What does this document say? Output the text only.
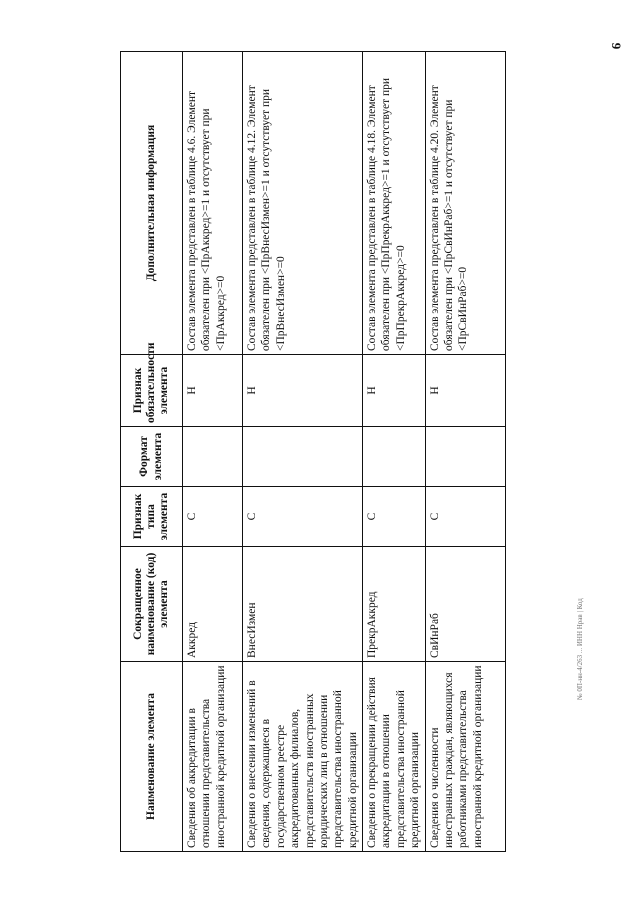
9
Наименование элемента	Сокращенное наименование (код) элемента	Признак типа элемента	Формат элемента	Признак обязательности элемента	Дополнительная информация
Сведения об аккредитации в отношении представительства иностранной кредитной организации	Аккред	С		Н	Состав элемента представлен в таблице 4.6. Элемент обязателен при <ПрАккред>=1 и отсутствует при <ПрАккред>=0
Сведения о внесении изменений в сведения, содержащиеся в государственном реестре аккредитованных филиалов, представительств иностранных юридических лиц в отношении представительства иностранной кредитной организации	ВнесИзмен	С		Н	Состав элемента представлен в таблице 4.12. Элемент обязателен при <ПрВнесИзмен>=1 и отсутствует при <ПрВнесИзмен>=0
Сведения о прекращении действия аккредитации в отношении представительства иностранной кредитной организации	ПрекрАккред	С		Н	Состав элемента представлен в таблице 4.18. Элемент обязателен при <ПрПрекрАккред>=1 и отсутствует при <ПрПрекрАккред>=0
Сведения о численности иностранных граждан, являющихся работниками представительства иностранной кредитной организации	СвИнРаб	С		Н	Состав элемента представлен в таблице 4.20. Элемент обязателен при <ПрСвИнРаб>=1 и отсутствует при <ПрСвИнРаб>=0
№ 0П-нн-4/263 ... ИНН Нрав | Код
